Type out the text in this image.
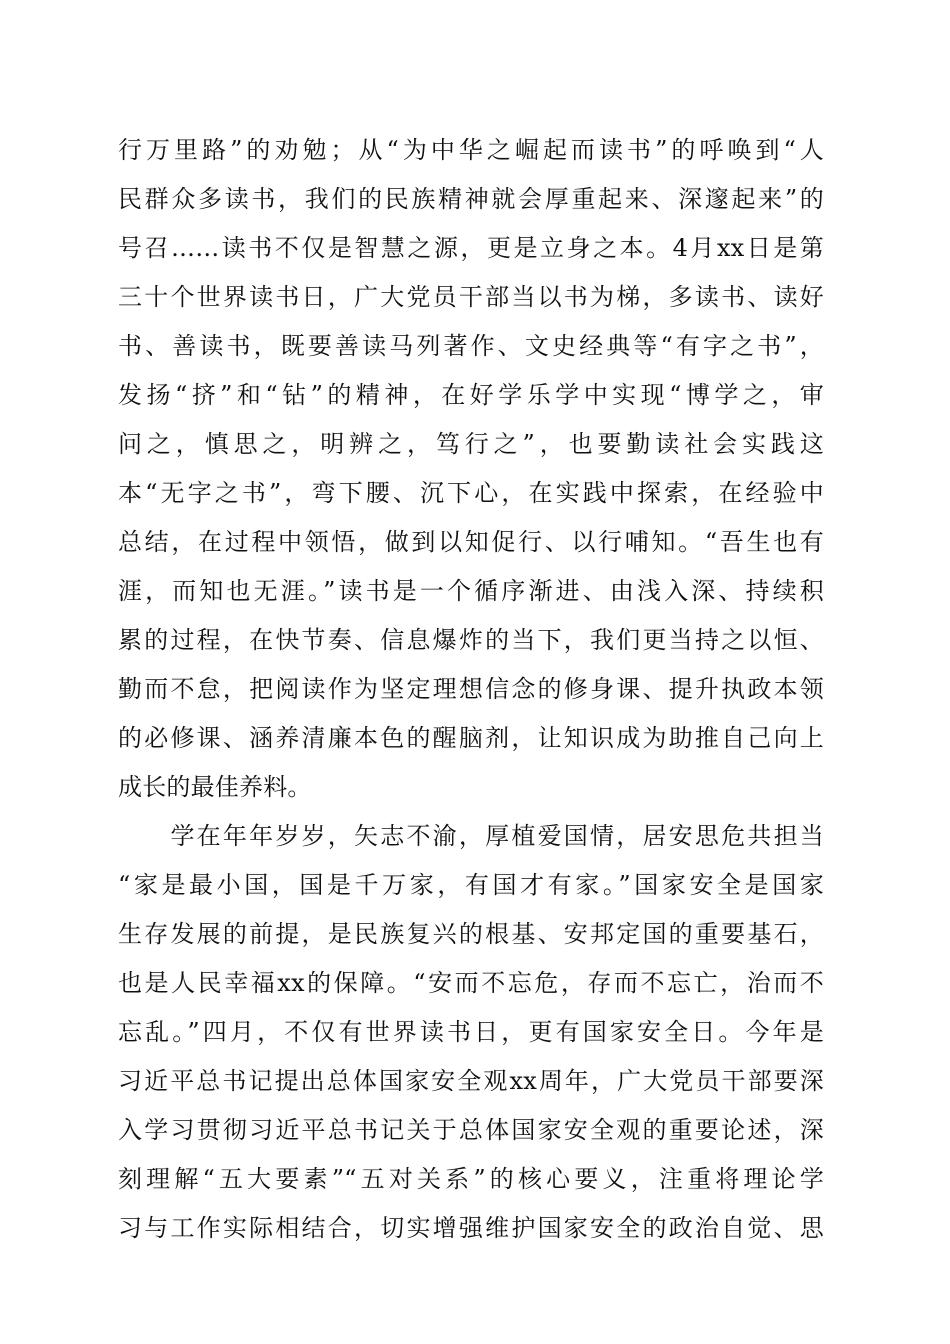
行万里路”的劝勉；从“为中华之崛起而读书”的呼唤到“人
民群众多读书，我们的民族精神就会厚重起来、深邃起来”的
号召……读书不仅是智慧之源，更是立身之本。4月xx日是第
三十个世界读书日，广大党员干部当以书为梯，多读书、读好
书、善读书，既要善读马列著作、文史经典等“有字之书”，
发扬“挤”和“钻”的精神，在好学乐学中实现“博学之，审
问之，慎思之，明辨之，笃行之”，也要勤读社会实践这
本“无字之书”，弯下腰、沉下心，在实践中探索，在经验中
总结，在过程中领悟，做到以知促行、以行哺知。“吾生也有
涯，而知也无涯。”读书是一个循序渐进、由浅入深、持续积
累的过程，在快节奏、信息爆炸的当下，我们更当持之以恒、
勤而不怠，把阅读作为坚定理想信念的修身课、提升执政本领
的必修课、涵养清廉本色的醒脑剂，让知识成为助推自己向上
成长的最佳养料。
　　学在年年岁岁，矢志不渝，厚植爱国情，居安思危共担当
“家是最小国，国是千万家，有国才有家。”国家安全是国家
生存发展的前提，是民族复兴的根基、安邦定国的重要基石，
也是人民幸福xx的保障。“安而不忘危，存而不忘亡，治而不
忘乱。”四月，不仅有世界读书日，更有国家安全日。今年是
习近平总书记提出总体国家安全观xx周年，广大党员干部要深
入学习贯彻习近平总书记关于总体国家安全观的重要论述，深
刻理解“五大要素”“五对关系”的核心要义，注重将理论学
习与工作实际相结合，切实增强维护国家安全的政治自觉、思
